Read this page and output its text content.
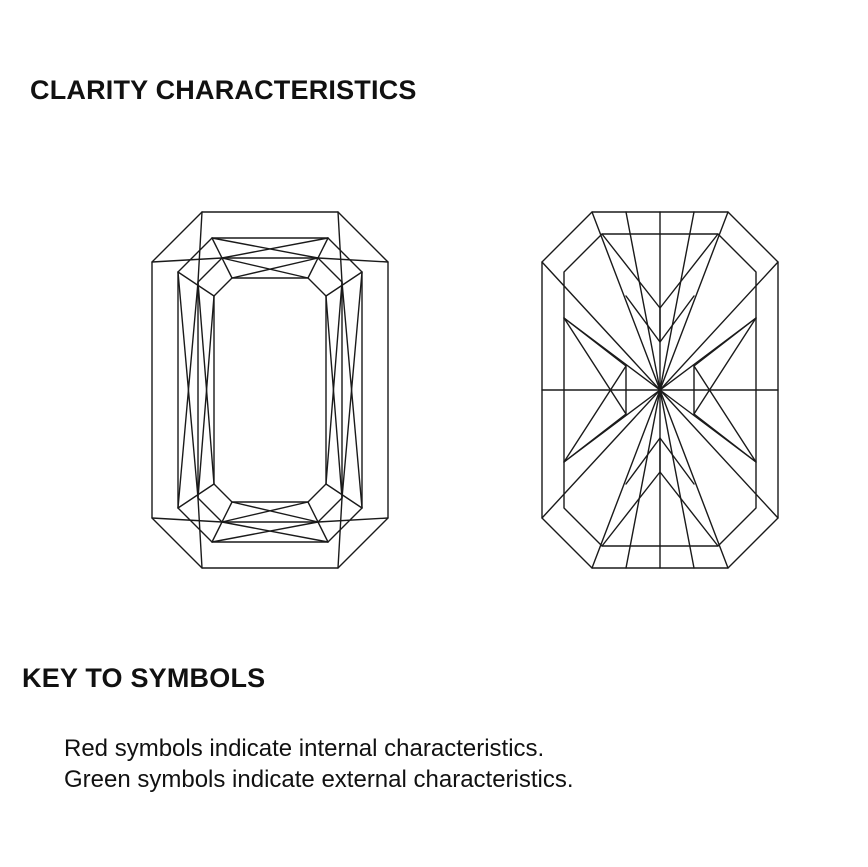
CLARITY CHARACTERISTICS
KEY TO SYMBOLS
Red symbols indicate internal characteristics.
Green symbols indicate external characteristics.
